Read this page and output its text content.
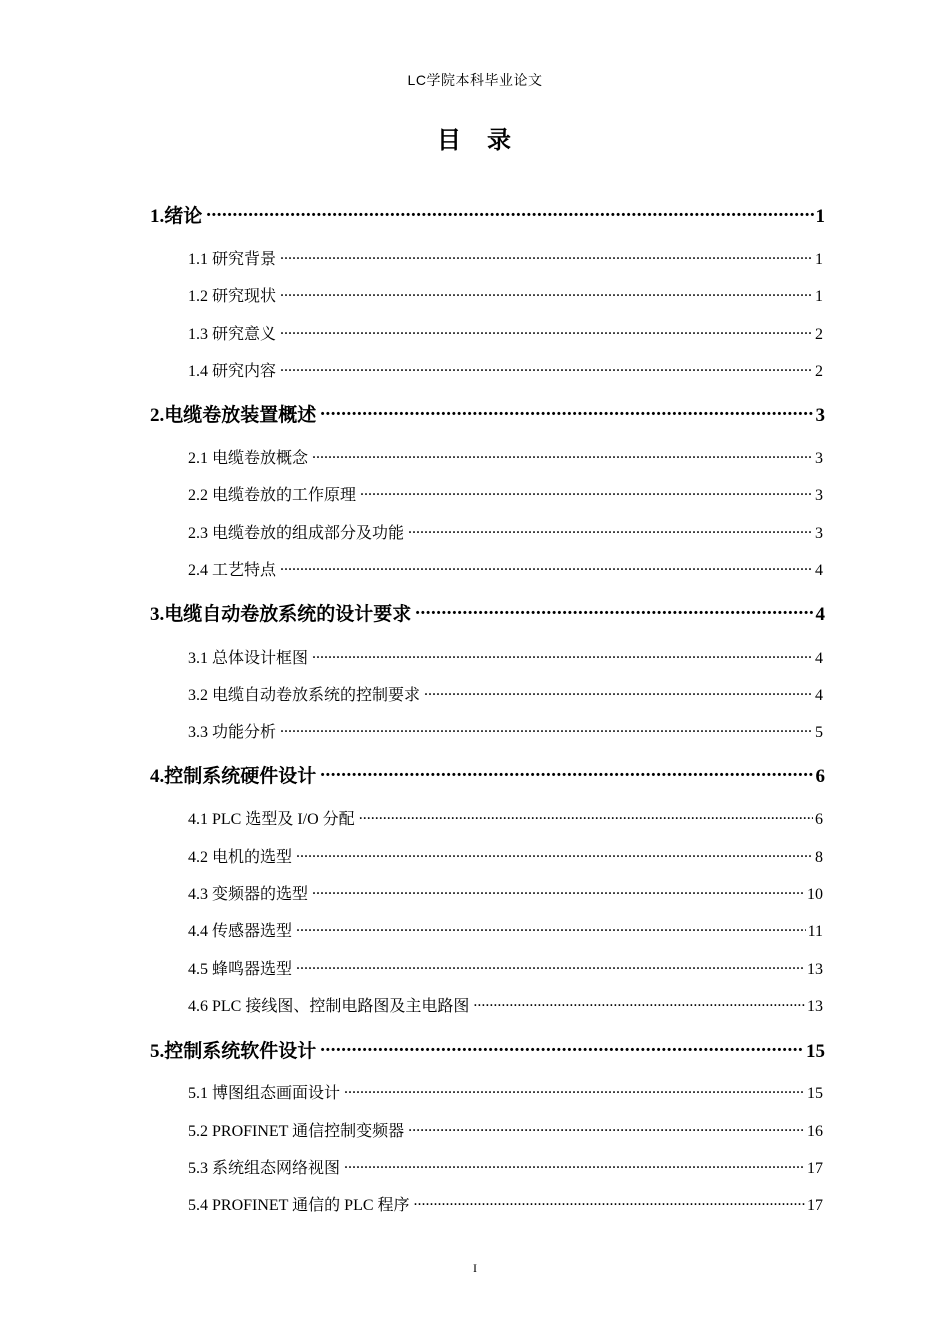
LC学院本科毕业论文
目录
1.绪论 .....	1
1.1 研究背景 .....	1
1.2 研究现状 .....	1
1.3 研究意义 .....	2
1.4 研究内容 .....	2
2.电缆卷放装置概述 .....	3
2.1 电缆卷放概念 .....	3
2.2 电缆卷放的工作原理 .....	3
2.3 电缆卷放的组成部分及功能 .....	3
2.4 工艺特点 .....	4
3.电缆自动卷放系统的设计要求 .....	4
3.1 总体设计框图 .....	4
3.2 电缆自动卷放系统的控制要求 .....	4
3.3 功能分析 .....	5
4.控制系统硬件设计 .....	6
4.1 PLC 选型及 I/O 分配 .....	6
4.2 电机的选型 .....	8
4.3 变频器的选型 .....	10
4.4 传感器选型 .....	11
4.5 蜂鸣器选型 .....	13
4.6 PLC 接线图、控制电路图及主电路图 .....	13
5.控制系统软件设计 .....	15
5.1 博图组态画面设计 .....	15
5.2 PROFINET 通信控制变频器 .....	16
5.3 系统组态网络视图 .....	17
5.4 PROFINET 通信的 PLC 程序 .....	17
I
